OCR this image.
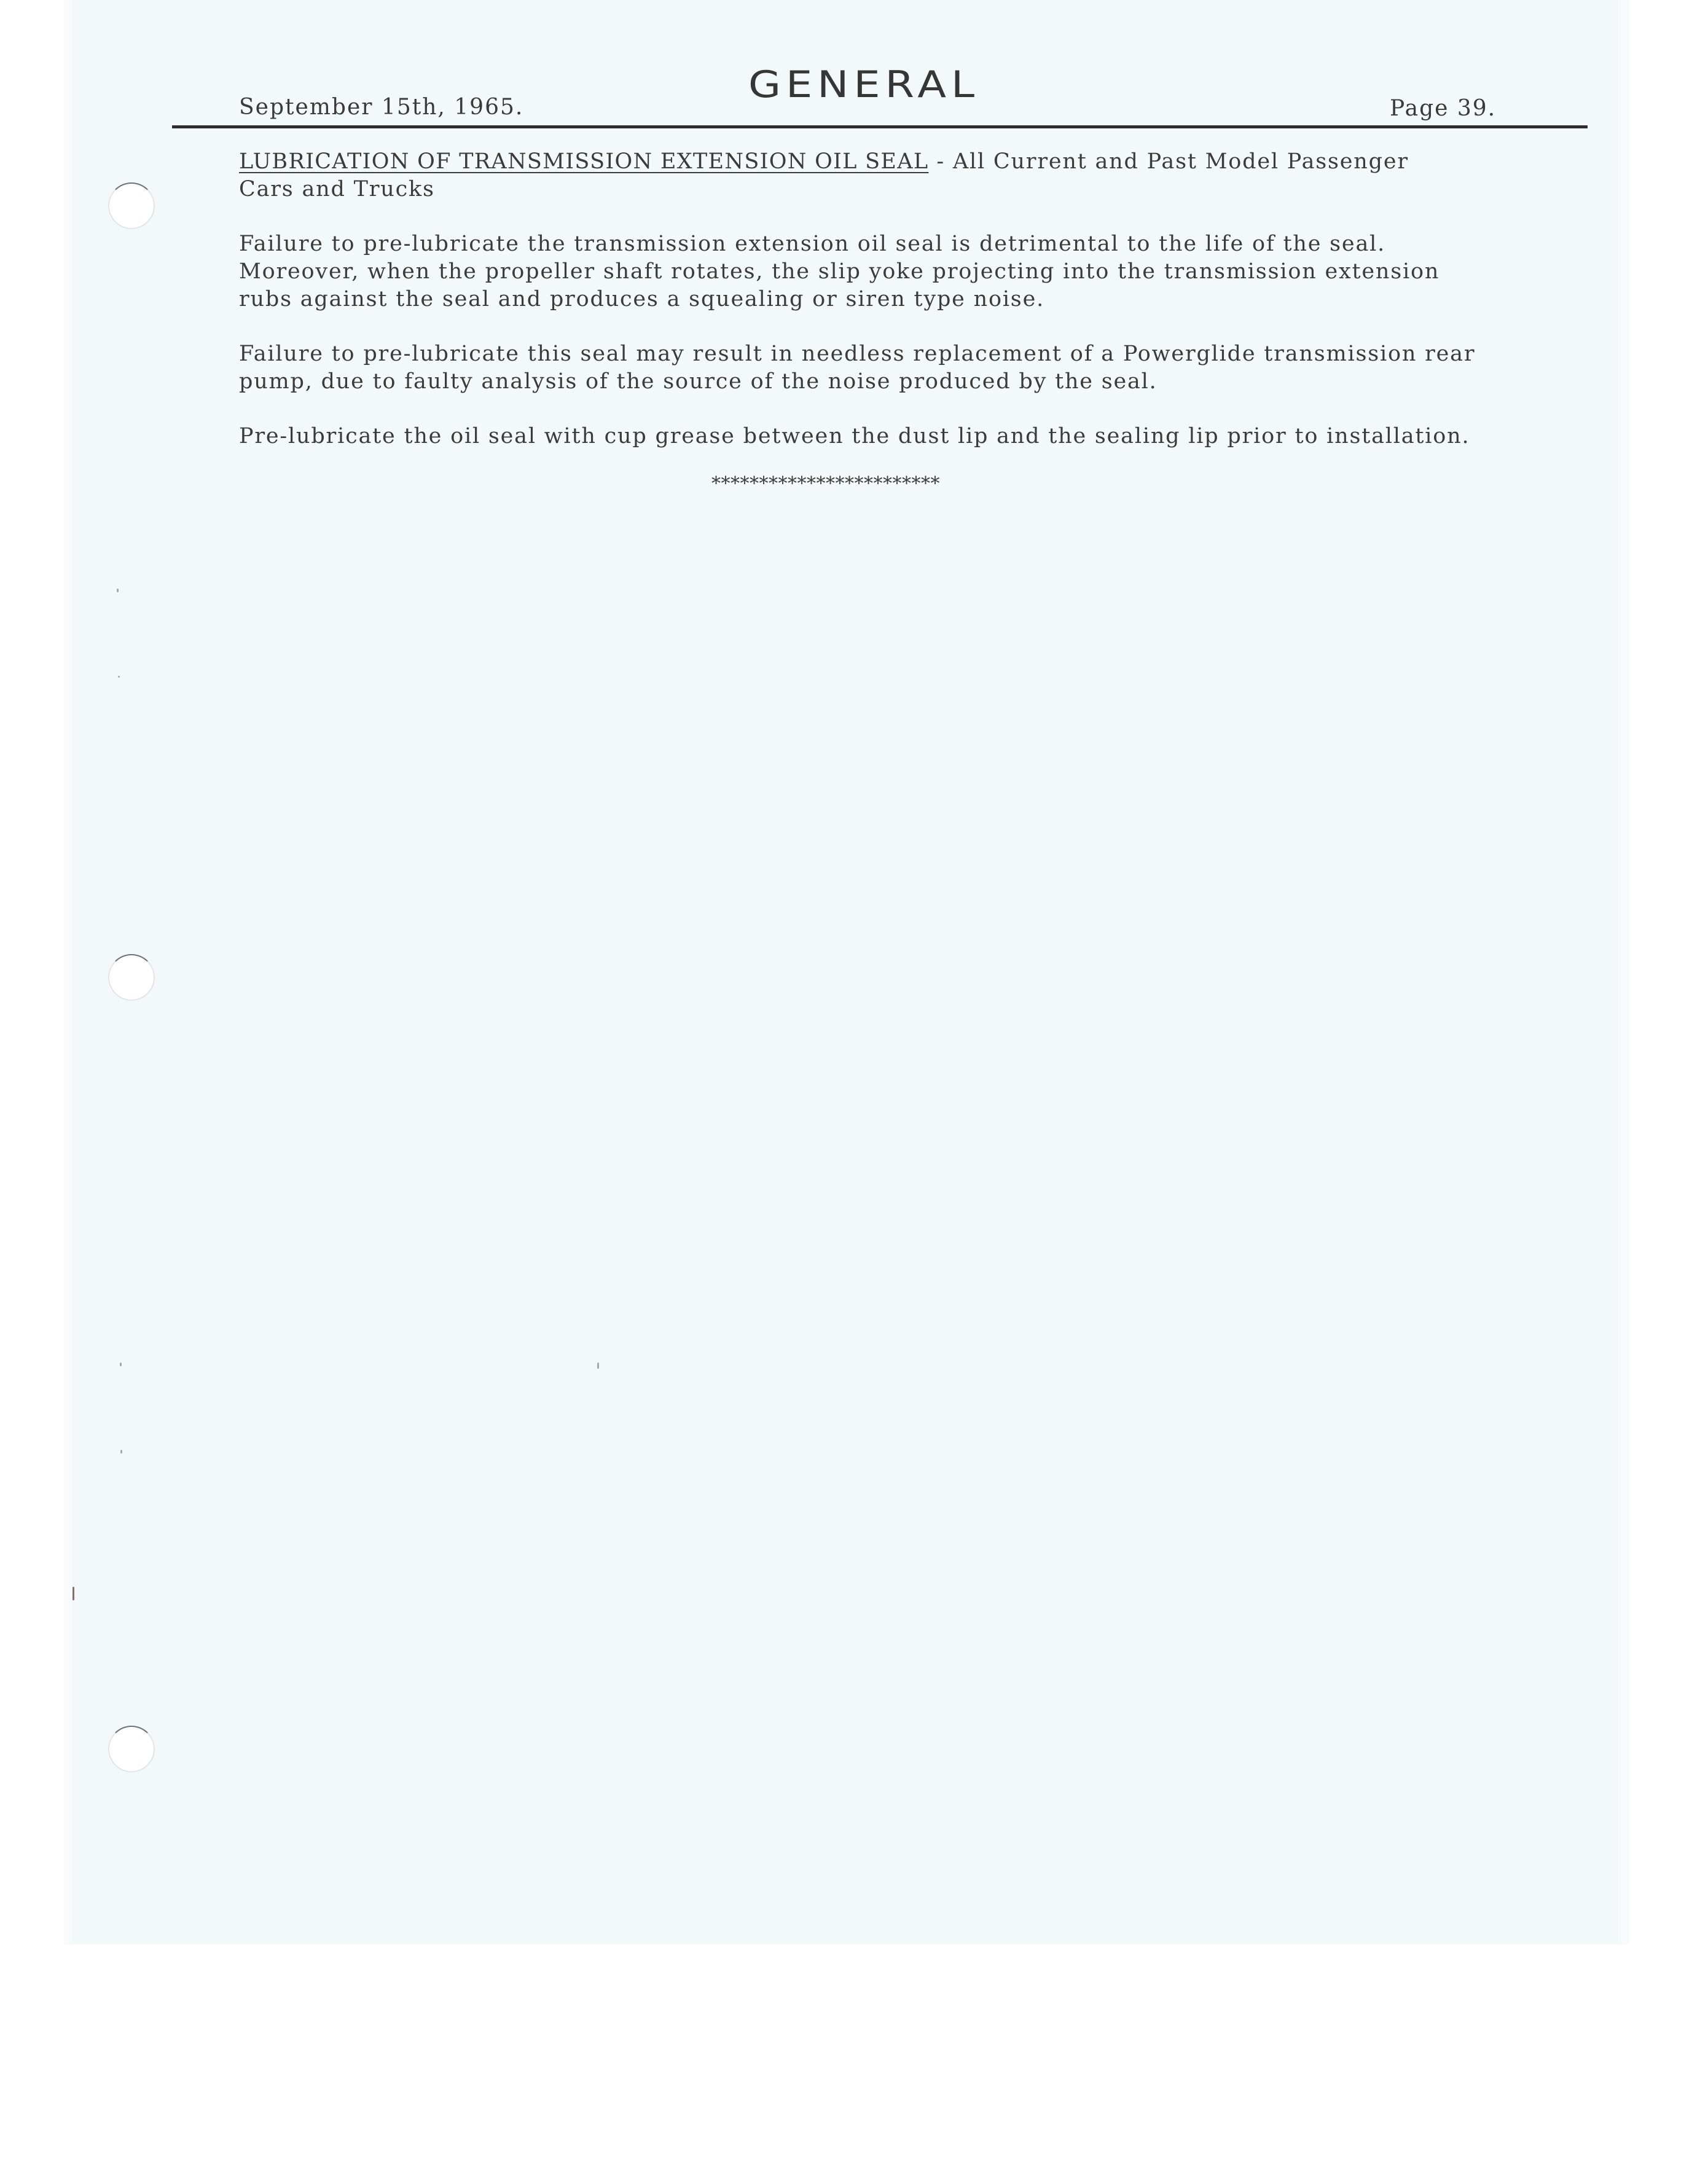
September 15th, 1965.
GENERAL
Page 39.
LUBRICATION OF TRANSMISSION EXTENSION OIL SEAL - All Current and Past Model Passenger
Cars and Trucks

Failure to pre-lubricate the transmission extension oil seal is detrimental to the life of the seal.
Moreover, when the propeller shaft rotates, the slip yoke projecting into the transmission extension
rubs against the seal and produces a squealing or siren type noise.

Failure to pre-lubricate this seal may result in needless replacement of a Powerglide transmission rear
pump, due to faulty analysis of the source of the noise produced by the seal.

Pre-lubricate the oil seal with cup grease between the dust lip and the sealing lip prior to installation.

************************
